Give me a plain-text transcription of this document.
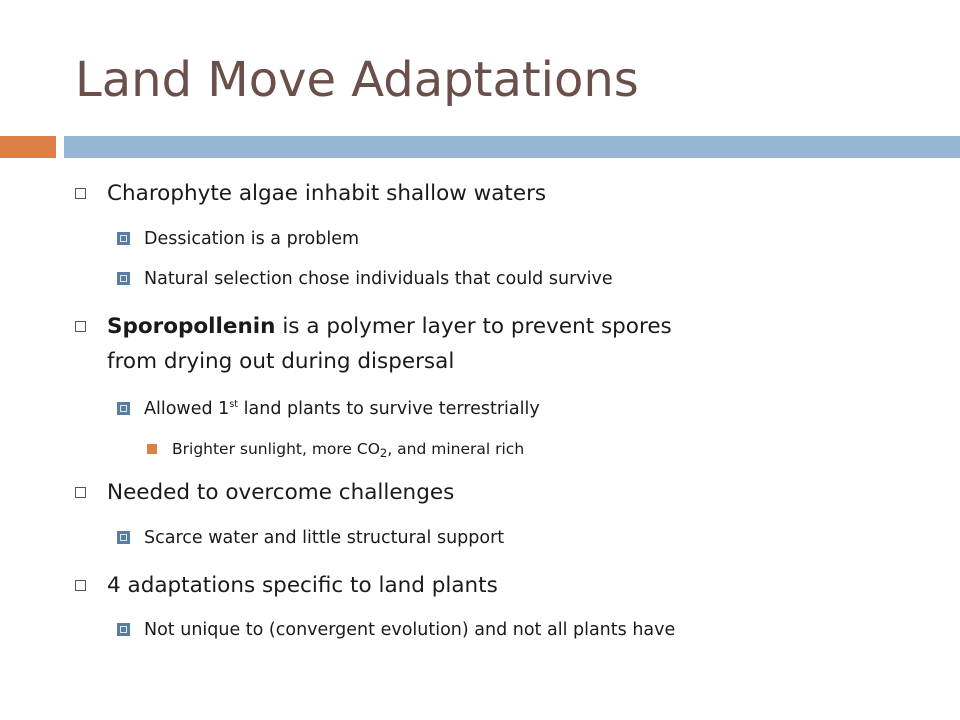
Land Move Adaptations
Charophyte algae inhabit shallow waters
Dessication is a problem
Natural selection chose individuals that could survive
Sporopollenin is a polymer layer to prevent spores
from drying out during dispersal
Allowed 1st land plants to survive terrestrially
Brighter sunlight, more $CO_2$, and mineral rich
Needed to overcome challenges
Scarce water and little structural support
4 adaptations specific to land plants
Not unique to (convergent evolution) and not all plants have
